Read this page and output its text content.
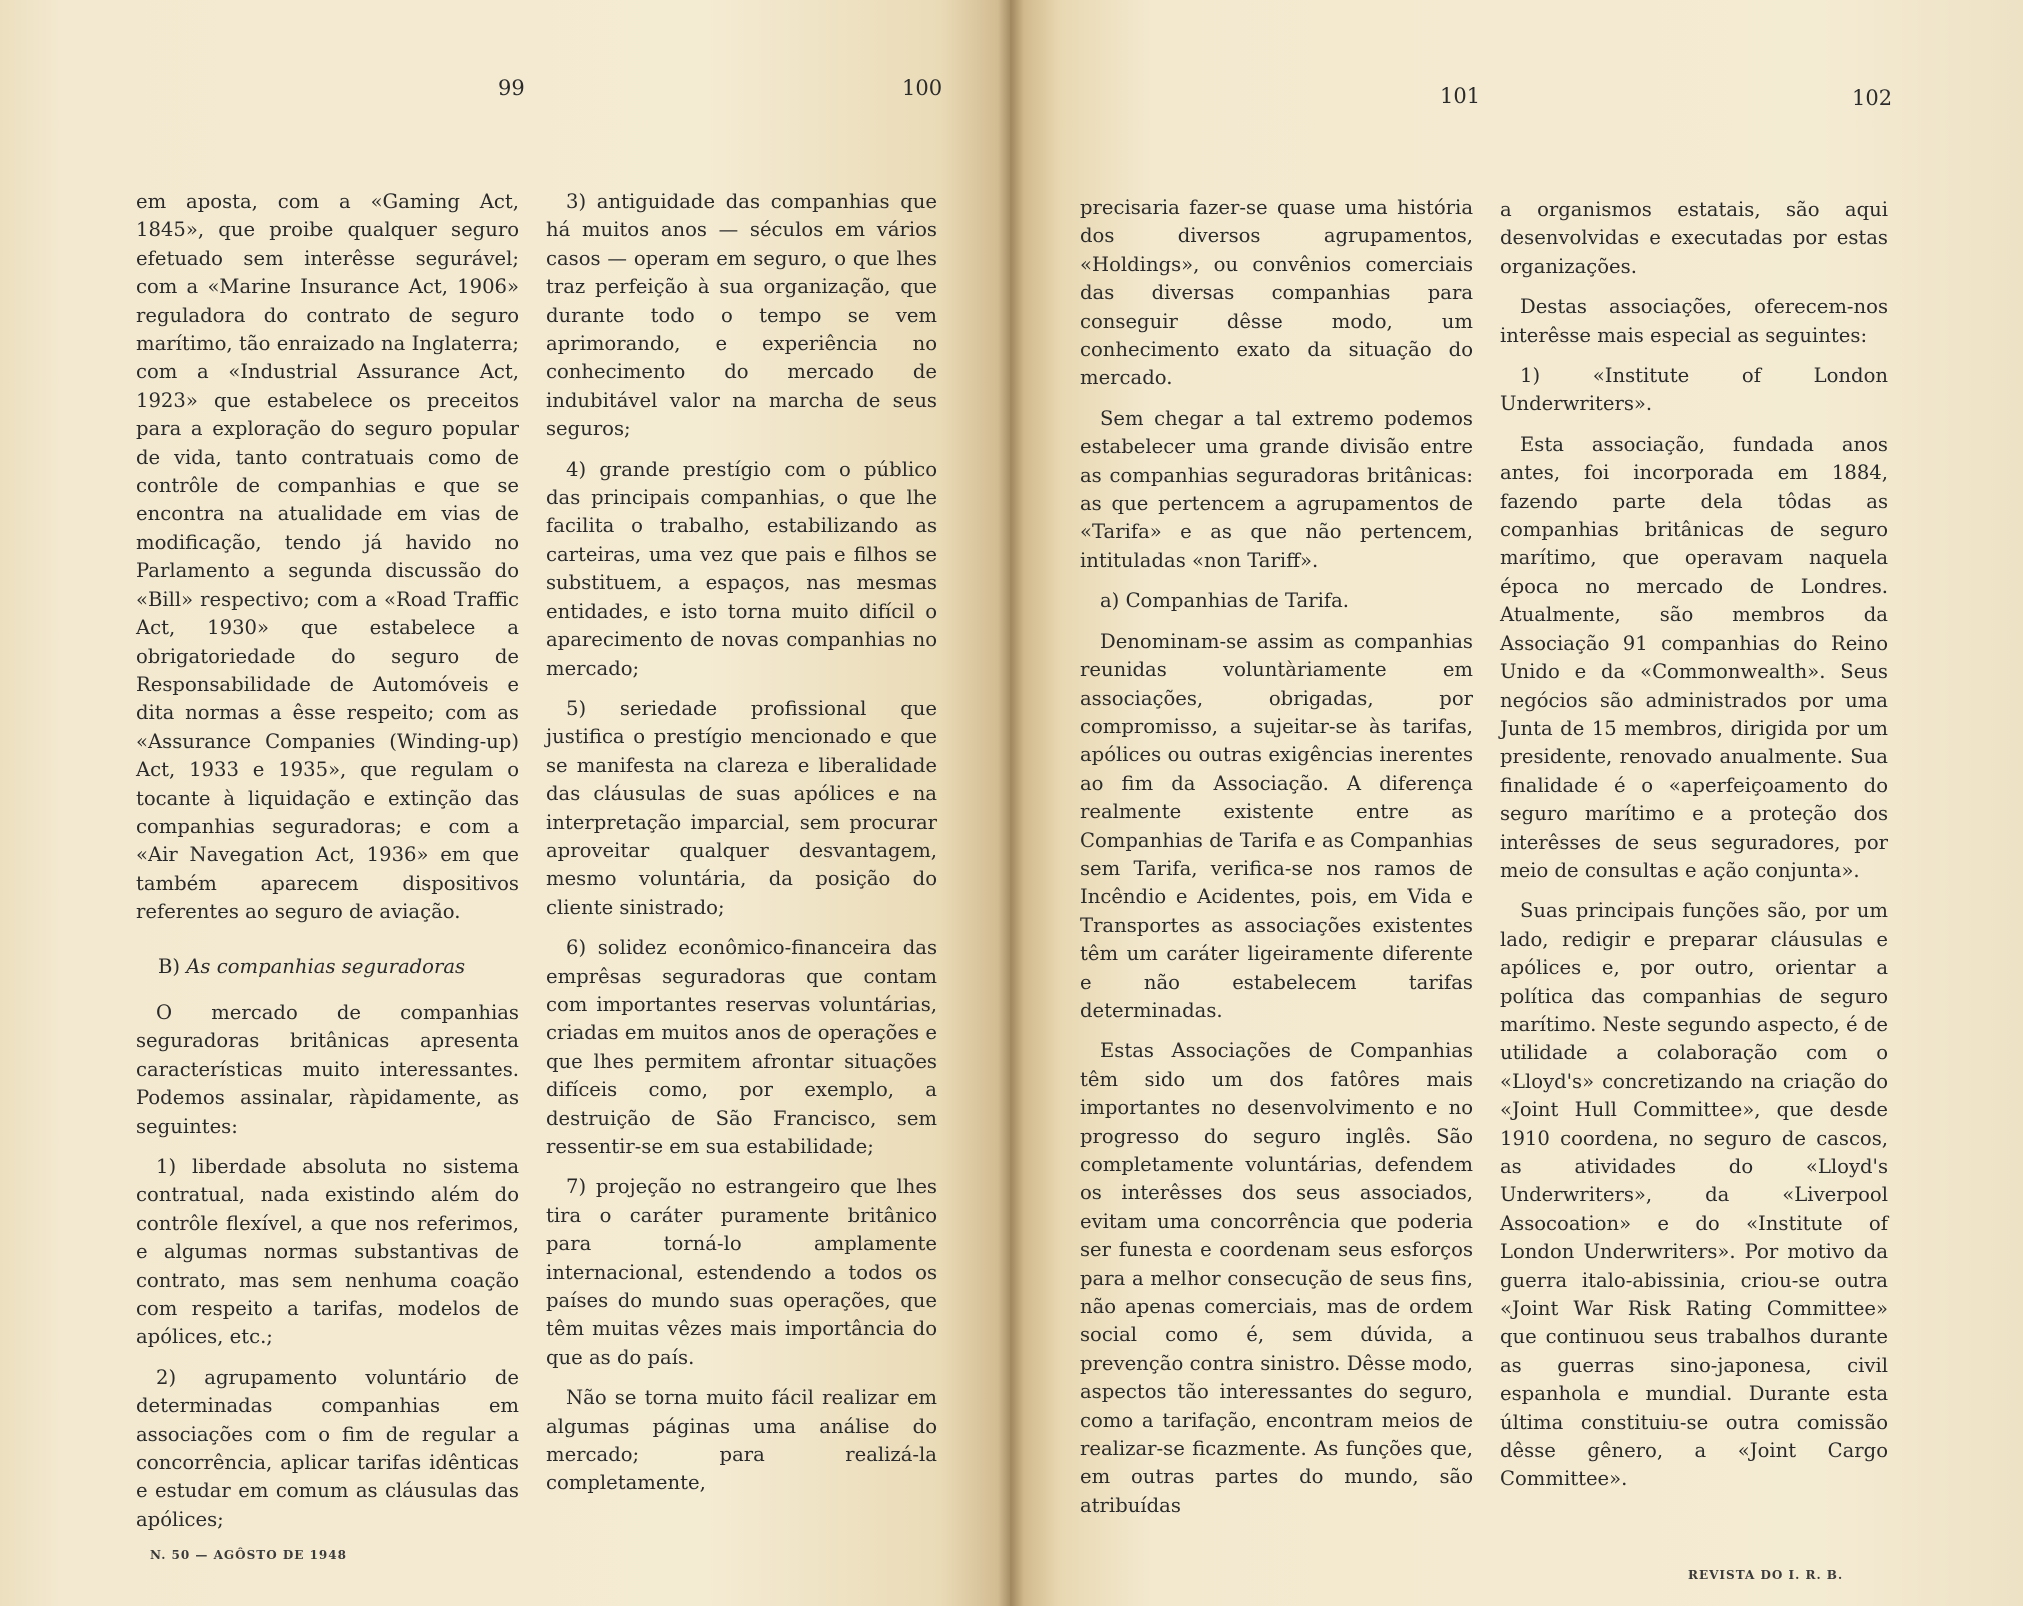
99	100	101	102

em aposta, com a «Gaming Act, 1845», que proibe qualquer seguro efetuado sem interêsse segurável; com a «Marine Insurance Act, 1906» reguladora do contrato de seguro marítimo, tão enraizado na Inglaterra; com a «Industrial Assurance Act, 1923» que estabelece os preceitos para a exploração do seguro popular de vida, tanto contratuais como de contrôle de companhias e que se encontra na atualidade em vias de modificação, tendo já havido no Parlamento a segunda discussão do «Bill» respectivo; com a «Road Traffic Act, 1930» que estabelece a obrigatoriedade do seguro de Responsabilidade de Automóveis e dita normas a êsse respeito; com as «Assurance Companies (Winding-up) Act, 1933 e 1935», que regulam o tocante à liquidação e extinção das companhias seguradoras; e com a «Air Navegation Act, 1936» em que também aparecem dispositivos referentes ao seguro de aviação.

B) As companhias seguradoras

O mercado de companhias seguradoras britânicas apresenta características muito interessantes. Podemos assinalar, ràpidamente, as seguintes:

1) liberdade absoluta no sistema contratual, nada existindo além do contrôle flexível, a que nos referimos, e algumas normas substantivas de contrato, mas sem nenhuma coação com respeito a tarifas, modelos de apólices, etc.;

2) agrupamento voluntário de determinadas companhias em associações com o fim de regular a concorrência, aplicar tarifas idênticas e estudar em comum as cláusulas das apólices;

3) antiguidade das companhias que há muitos anos — séculos em vários casos — operam em seguro, o que lhes traz perfeição à sua organização, que durante todo o tempo se vem aprimorando, e experiência no conhecimento do mercado de indubitável valor na marcha de seus seguros;

4) grande prestígio com o público das principais companhias, o que lhe facilita o trabalho, estabilizando as carteiras, uma vez que pais e filhos se substituem, a espaços, nas mesmas entidades, e isto torna muito difícil o aparecimento de novas companhias no mercado;

5) seriedade profissional que justifica o prestígio mencionado e que se manifesta na clareza e liberalidade das cláusulas de suas apólices e na interpretação imparcial, sem procurar aproveitar qualquer desvantagem, mesmo voluntária, da posição do cliente sinistrado;

6) solidez econômico-financeira das emprêsas seguradoras que contam com importantes reservas voluntárias, criadas em muitos anos de operações e que lhes permitem afrontar situações difíceis como, por exemplo, a destruição de São Francisco, sem ressentir-se em sua estabilidade;

7) projeção no estrangeiro que lhes tira o caráter puramente britânico para torná-lo amplamente internacional, estendendo a todos os países do mundo suas operações, que têm muitas vêzes mais importância do que as do país.

Não se torna muito fácil realizar em algumas páginas uma análise do mercado; para realizá-la completamente,

precisaria fazer-se quase uma história dos diversos agrupamentos, «Holdings», ou convênios comerciais das diversas companhias para conseguir dêsse modo, um conhecimento exato da situação do mercado.

Sem chegar a tal extremo podemos estabelecer uma grande divisão entre as companhias seguradoras britânicas: as que pertencem a agrupamentos de «Tarifa» e as que não pertencem, intituladas «non Tariff».

a) Companhias de Tarifa.

Denominam-se assim as companhias reunidas voluntàriamente em associações, obrigadas, por compromisso, a sujeitar-se às tarifas, apólices ou outras exigências inerentes ao fim da Associação. A diferença realmente existente entre as Companhias de Tarifa e as Companhias sem Tarifa, verifica-se nos ramos de Incêndio e Acidentes, pois, em Vida e Transportes as associações existentes têm um caráter ligeiramente diferente e não estabelecem tarifas determinadas.

Estas Associações de Companhias têm sido um dos fatôres mais importantes no desenvolvimento e no progresso do seguro inglês. São completamente voluntárias, defendem os interêsses dos seus associados, evitam uma concorrência que poderia ser funesta e coordenam seus esforços para a melhor consecução de seus fins, não apenas comerciais, mas de ordem social como é, sem dúvida, a prevenção contra sinistro. Dêsse modo, aspectos tão interessantes do seguro, como a tarifação, encontram meios de realizar-se ficazmente. As funções que, em outras partes do mundo, são atribuídas

a organismos estatais, são aqui desenvolvidas e executadas por estas organizações.

Destas associações, oferecem-nos interêsse mais especial as seguintes:

1) «Institute of London Underwriters».

Esta associação, fundada anos antes, foi incorporada em 1884, fazendo parte dela tôdas as companhias britânicas de seguro marítimo, que operavam naquela época no mercado de Londres. Atualmente, são membros da Associação 91 companhias do Reino Unido e da «Commonwealth». Seus negócios são administrados por uma Junta de 15 membros, dirigida por um presidente, renovado anualmente. Sua finalidade é o «aperfeiçoamento do seguro marítimo e a proteção dos interêsses de seus seguradores, por meio de consultas e ação conjunta».

Suas principais funções são, por um lado, redigir e preparar cláusulas e apólices e, por outro, orientar a política das companhias de seguro marítimo. Neste segundo aspecto, é de utilidade a colaboração com o «Lloyd's» concretizando na criação do «Joint Hull Committee», que desde 1910 coordena, no seguro de cascos, as atividades do «Lloyd's Underwriters», da «Liverpool Assocoation» e do «Institute of London Underwriters». Por motivo da guerra italo-abissinia, criou-se outra «Joint War Risk Rating Committee» que continuou seus trabalhos durante as guerras sino-japonesa, civil espanhola e mundial. Durante esta última constituiu-se outra comissão dêsse gênero, a «Joint Cargo Committee».

N. 50 — AGÔSTO DE 1948
REVISTA DO I. R. B.
